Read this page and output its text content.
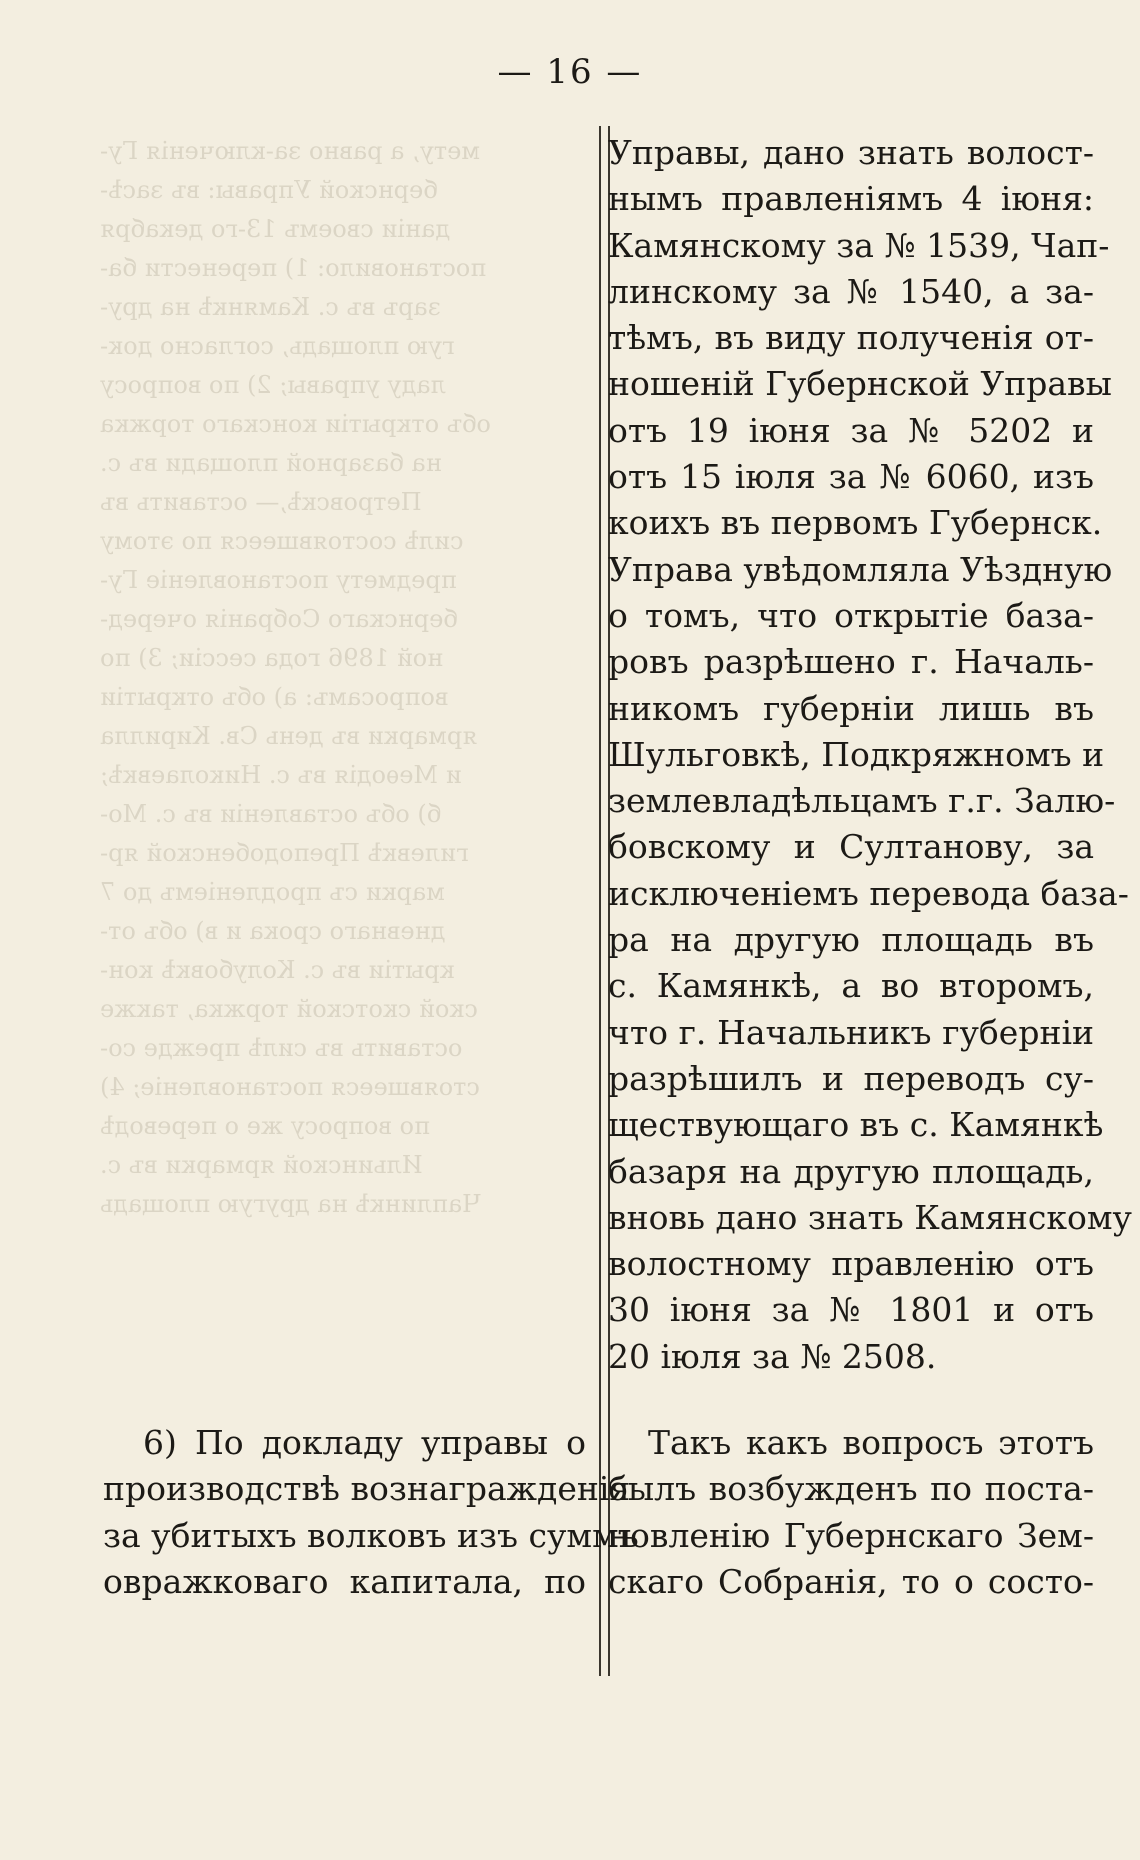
— 16 —
мету, а равно за-ключенія Гу-
бернской Управы: въ засѣ-
даніи своемъ 13-го декабря
постановило: 1) перенести ба-
заръ въ с. Камянкѣ на дру-
гую площадь, согласно док-
ладу управы; 2) по вопросу
объ открытіи конскаго торжка
на базарной площади въ с.
Петровскѣ,— оставить въ
силѣ состоявшееся по этому
предмету постановленіе Гу-
бернскаго Собранія очеред-
ной 1896 года сессіи; 3) по
вопросамъ: а) объ открытіи
ярмарки въ день Св. Кирилла
и Меѳодія въ с. Николаевкѣ;
б) объ оставленіи въ с. Мо-
гилевкѣ Преподобенской яр-
марки съ продленіемъ до 7
дневнаго срока и в) объ от-
крытіи въ с. Колубовкѣ кон-
ской скотской торжка, также
оставить въ силѣ прежде со-
стоявшееся постановленіе; 4)
по вопросу же о переводѣ
Ильинской ярмарки въ с.
Чаплинкѣ на другую площадь
Управы, дано знать волост-
нымъ правленіямъ 4 іюня:
Камянскому за № 1539, Чап-
линскому за № 1540, а за-
тѣмъ, въ виду полученія от-
ношеній Губернской Управы
отъ 19 іюня за № 5202 и
отъ 15 іюля за № 6060, изъ
коихъ въ первомъ Губернск.
Управа увѣдомляла Уѣздную
о томъ, что открытіе база-
ровъ разрѣшено г. Началь-
никомъ губерніи лишь въ
Шульговкѣ, Подкряжномъ и
землевладѣльцамъ г.г. Залю-
бовскому и Султанову, за
исключеніемъ перевода база-
ра на другую площадь въ
с. Камянкѣ, а во второмъ,
что г. Начальникъ губерніи
разрѣшилъ и переводъ су-
ществующаго въ с. Камянкѣ
базаря на другую площадь,
вновь дано знать Камянскому
волостному правленію отъ
30 іюня за № 1801 и отъ
20 іюля за № 2508.
6) По докладу управы о
производствѣ вознагражденія
за убитыхъ волковъ изъ суммъ
овражковаго капитала, по
Такъ какъ вопросъ этотъ
былъ возбужденъ по поста-
новленію Губернскаго Зем-
скаго Собранія, то о состо-
